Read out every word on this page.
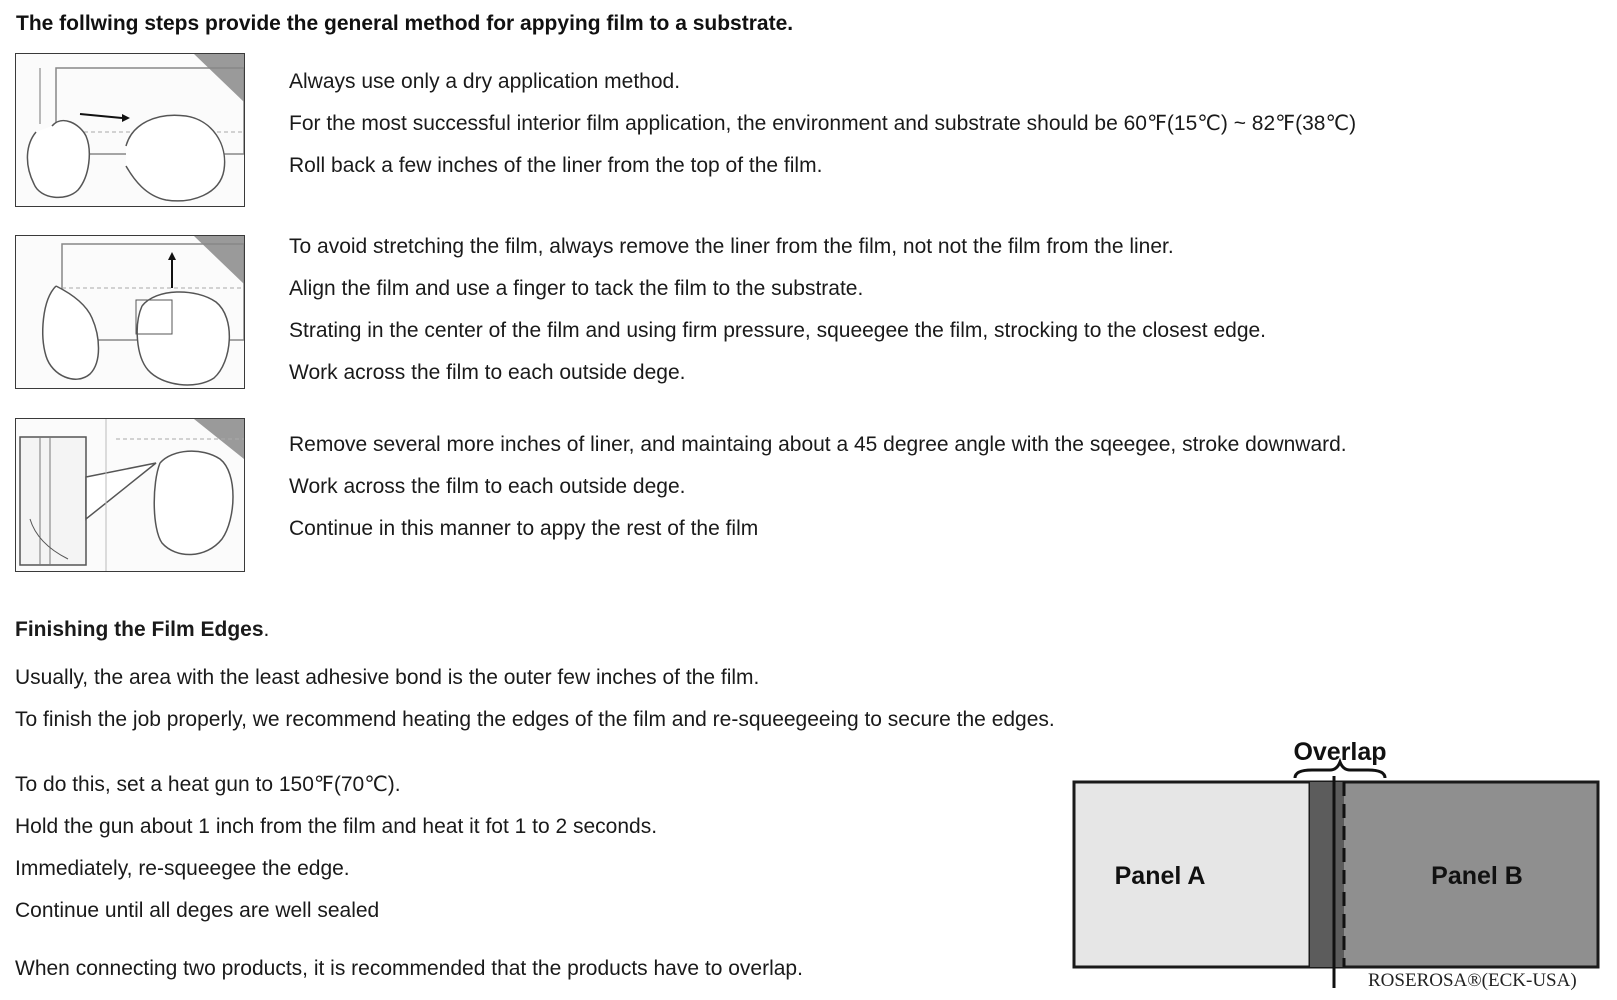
The follwing steps provide the general method for appying film to a substrate.
Always use only a dry application method.
For the most successful interior film application, the environment and substrate should be 60℉(15℃) ~ 82℉(38℃)
Roll back a few inches of the liner from the top of the film.
To avoid stretching the film, always remove the liner from the film, not not the film from the liner.
Align the film and use a finger to tack the film to the substrate.
Strating in the center of the film and using firm pressure, squeegee the film, strocking to the closest edge.
Work across the film to each outside dege.
Remove several more inches of liner, and maintaing about a 45 degree angle with the sqeegee, stroke downward.
Work across the film to each outside dege.
Continue in this manner to appy the rest of the film
Finishing the Film Edges.
Usually, the area with the least adhesive bond is the outer few inches of the film.
To finish the job properly, we recommend heating the edges of the film and re-squeegeeing to secure the edges.
To do this, set a heat gun to 150℉(70℃).
Hold the gun about 1 inch from the film and heat it fot 1 to 2 seconds.
Immediately, re-squeegee the edge.
Continue until all deges are well sealed
When connecting two products, it is recommended that the products have to overlap.
Overlap
Panel A	Panel B
ROSEROSA®(ECK-USA)
